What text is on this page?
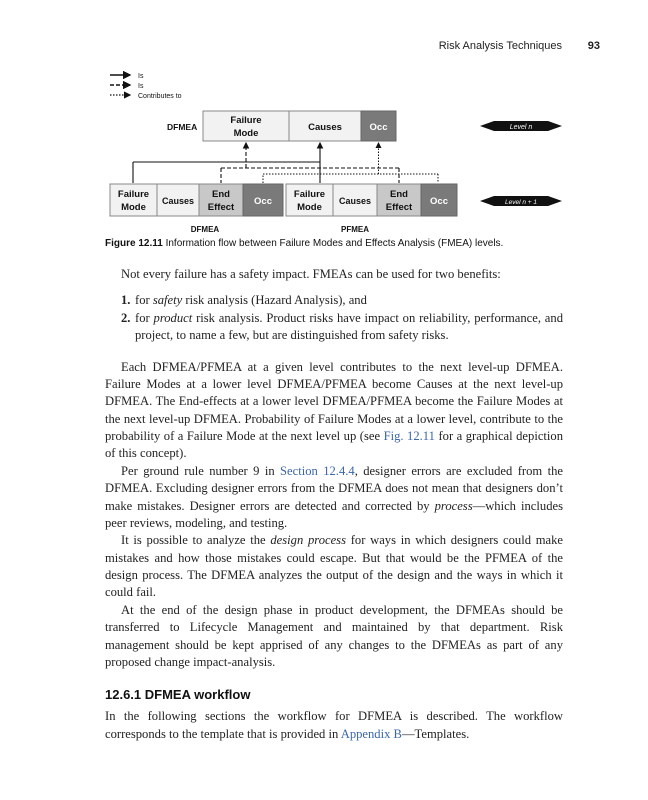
Risk Analysis Techniques 93
Is
Is
Contributes to
DFMEA
Failure
Mode
Causes	Occ	Level n
Failure
Mode
Causes
End
Effect
Occ
Failure
Mode
Causes
End
Effect
Occ	Level n + 1
DFMEA	PFMEA
Figure 12.11 Information flow between Failure Modes and Effects Analysis (FMEA) levels.

Not every failure has a safety impact. FMEAs can be used for two benefits:

1. for safety risk analysis (Hazard Analysis), and
2. for product risk analysis. Product risks have impact on reliability, performance, and project, to name a few, but are distinguished from safety risks.

Each DFMEA/PFMEA at a given level contributes to the next level-up DFMEA. Failure Modes at a lower level DFMEA/PFMEA become Causes at the next level-up DFMEA. The End-effects at a lower level DFMEA/PFMEA become the Failure Modes at the next level-up DFMEA. Probability of Failure Modes at a lower level, contribute to the probability of a Failure Mode at the next level up (see Fig. 12.11 for a graphical depiction of this concept).

Per ground rule number 9 in Section 12.4.4, designer errors are excluded from the DFMEA. Excluding designer errors from the DFMEA does not mean that designers don’t make mistakes. Designer errors are detected and corrected by process—which includes peer reviews, modeling, and testing.

It is possible to analyze the design process for ways in which designers could make mistakes and how those mistakes could escape. But that would be the PFMEA of the design process. The DFMEA analyzes the output of the design and the ways in which it could fail.

At the end of the design phase in product development, the DFMEAs should be transferred to Lifecycle Management and maintained by that department. Risk management should be kept apprised of any changes to the DFMEAs as part of any proposed change impact-analysis.

12.6.1 DFMEA workflow

In the following sections the workflow for DFMEA is described. The workflow corresponds to the template that is provided in Appendix B—Templates.
